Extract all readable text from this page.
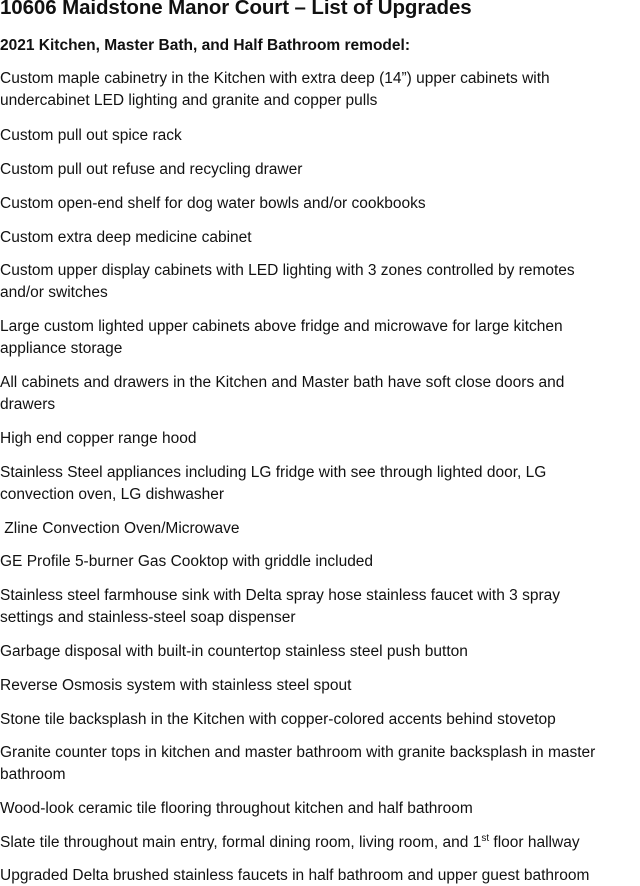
10606 Maidstone Manor Court – List of Upgrades
2021 Kitchen, Master Bath, and Half Bathroom remodel:
Custom maple cabinetry in the Kitchen with extra deep (14”) upper cabinets with
undercabinet LED lighting and granite and copper pulls
Custom pull out spice rack
Custom pull out refuse and recycling drawer
Custom open-end shelf for dog water bowls and/or cookbooks
Custom extra deep medicine cabinet
Custom upper display cabinets with LED lighting with 3 zones controlled by remotes
and/or switches
Large custom lighted upper cabinets above fridge and microwave for large kitchen
appliance storage
All cabinets and drawers in the Kitchen and Master bath have soft close doors and
drawers
High end copper range hood
Stainless Steel appliances including LG fridge with see through lighted door, LG
convection oven, LG dishwasher
Zline Convection Oven/Microwave
GE Profile 5-burner Gas Cooktop with griddle included
Stainless steel farmhouse sink with Delta spray hose stainless faucet with 3 spray
settings and stainless-steel soap dispenser
Garbage disposal with built-in countertop stainless steel push button
Reverse Osmosis system with stainless steel spout
Stone tile backsplash in the Kitchen with copper-colored accents behind stovetop
Granite counter tops in kitchen and master bathroom with granite backsplash in master
bathroom
Wood-look ceramic tile flooring throughout kitchen and half bathroom
Slate tile throughout main entry, formal dining room, living room, and 1st floor hallway
Upgraded Delta brushed stainless faucets in half bathroom and upper guest bathroom
